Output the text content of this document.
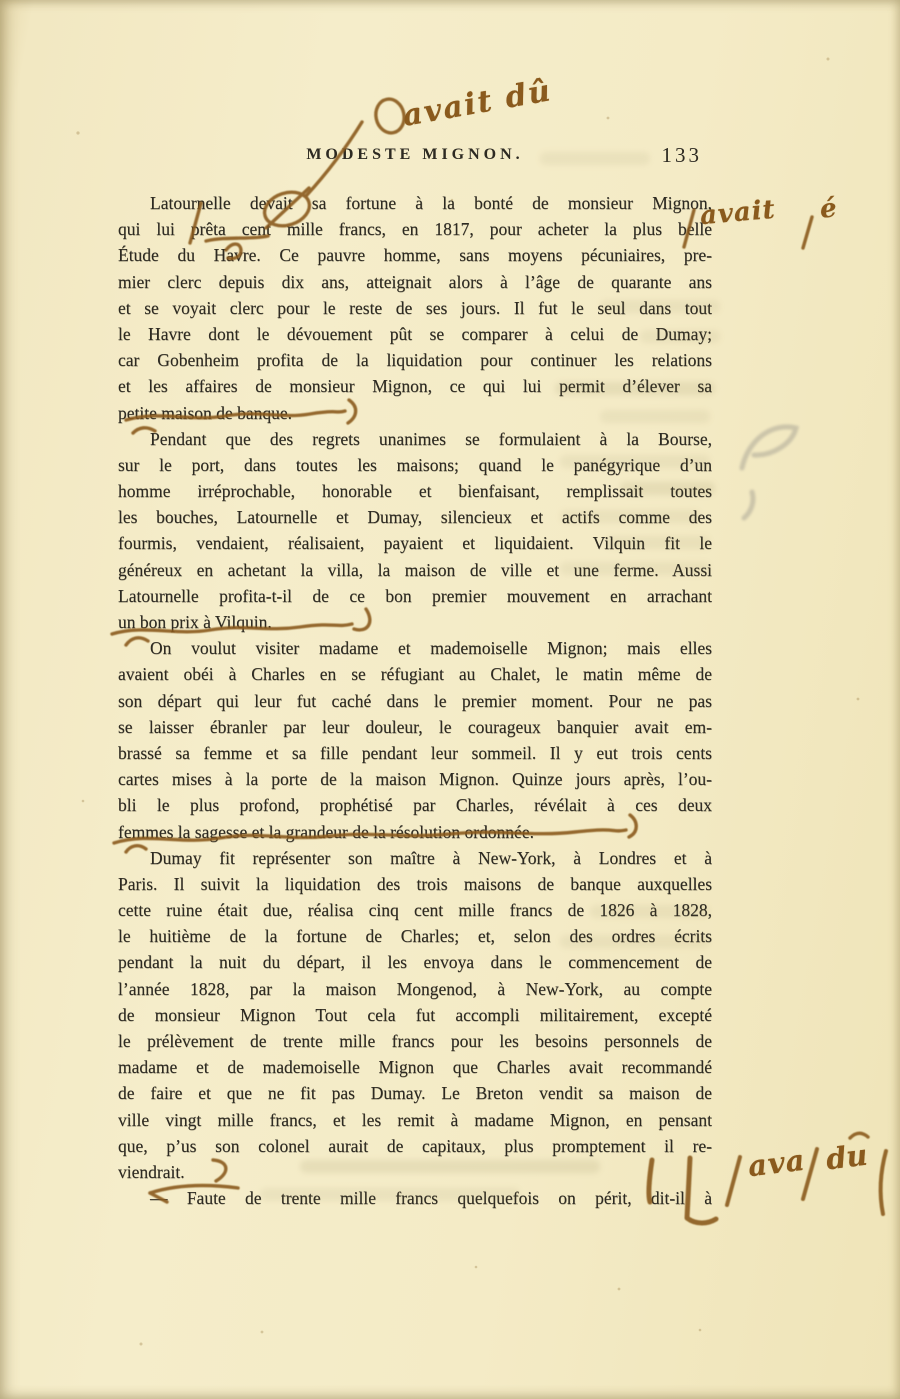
MODESTE MIGNON.	133
Latournelle devait sa fortune à la bonté de monsieur Mignon,
qui lui prêta cent mille francs, en 1817, pour acheter la plus belle
Étude du Havre. Ce pauvre homme, sans moyens pécuniaires, pre-
mier clerc depuis dix ans, atteignait alors à l’âge de quarante ans
et se voyait clerc pour le reste de ses jours. Il fut le seul dans tout
le Havre dont le dévouement pût se comparer à celui de Dumay;
car Gobenheim profita de la liquidation pour continuer les relations
et les affaires de monsieur Mignon, ce qui lui permit d’élever sa
petite maison de banque.
Pendant que des regrets unanimes se formulaient à la Bourse,
sur le port, dans toutes les maisons; quand le panégyrique d’un
homme irréprochable, honorable et bienfaisant, remplissait toutes
les bouches, Latournelle et Dumay, silencieux et actifs comme des
fourmis, vendaient, réalisaient, payaient et liquidaient. Vilquin fit le
généreux en achetant la villa, la maison de ville et une ferme. Aussi
Latournelle profita-t-il de ce bon premier mouvement en arrachant
un bon prix à Vilquin.
On voulut visiter madame et mademoiselle Mignon; mais elles
avaient obéi à Charles en se réfugiant au Chalet, le matin même de
son départ qui leur fut caché dans le premier moment. Pour ne pas
se laisser ébranler par leur douleur, le courageux banquier avait em-
brassé sa femme et sa fille pendant leur sommeil. Il y eut trois cents
cartes mises à la porte de la maison Mignon. Quinze jours après, l’ou-
bli le plus profond, prophétisé par Charles, révélait à ces deux
femmes la sagesse et la grandeur de la résolution ordonnée.
Dumay fit représenter son maître à New-York, à Londres et à
Paris. Il suivit la liquidation des trois maisons de banque auxquelles
cette ruine était due, réalisa cinq cent mille francs de 1826 à 1828,
le huitième de la fortune de Charles; et, selon des ordres écrits
pendant la nuit du départ, il les envoya dans le commencement de
l’année 1828, par la maison Mongenod, à New-York, au compte
de monsieur Mignon Tout cela fut accompli militairement, excepté
le prélèvement de trente mille francs pour les besoins personnels de
madame et de mademoiselle Mignon que Charles avait recommandé
de faire et que ne fit pas Dumay. Le Breton vendit sa maison de
ville vingt mille francs, et les remit à madame Mignon, en pensant
que, p’us son colonel aurait de capitaux, plus promptement il re-
viendrait.
— Faute de trente mille francs quelquefois on périt, dit-il à
avait dû
avait é
ava du
